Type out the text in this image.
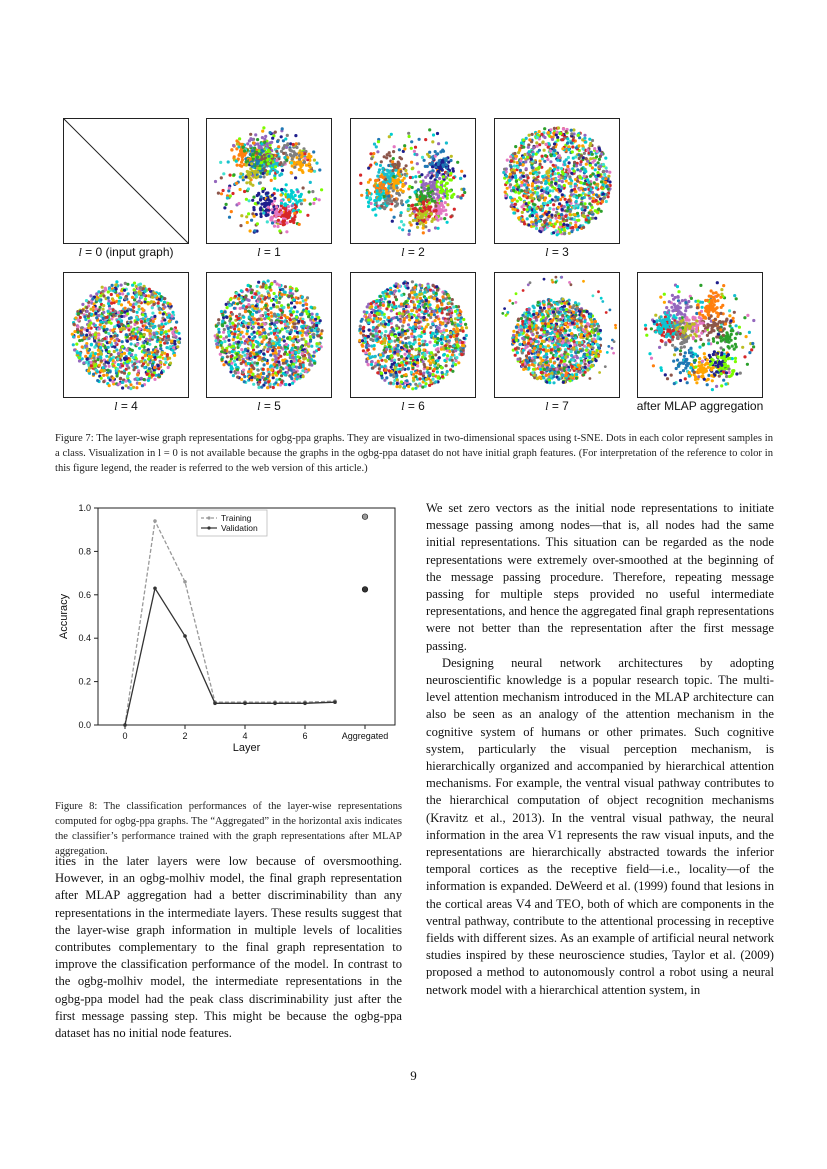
l = 0 (input graph)	l = 1	l = 2	l = 3
l = 4	l = 5	l = 6	l = 7	after MLAP aggregation
Figure 7: The layer-wise graph representations for ogbg-ppa graphs. They are visualized in two-dimensional spaces using t-SNE. Dots in each color represent samples in a class. Visualization in l = 0 is not available because the graphs in the ogbg-ppa dataset do not have initial graph features. (For interpretation of the reference to color in this figure legend, the reader is referred to the web version of this article.)
0.0
0.2
0.4
0.6
0.8
1.0
0	2	4	6	Aggregated
Layer
Accuracy
Training
Validation
Figure 8: The classification performances of the layer-wise representations computed for ogbg-ppa graphs. The “Aggregated” in the horizontal axis indicates the classifier’s performance trained with the graph representations after MLAP aggregation.

ities in the later layers were low because of oversmoothing. However, in an ogbg-molhiv model, the final graph representation after MLAP aggregation had a better discriminability than any representations in the intermediate layers. These results suggest that the layer-wise graph information in multiple levels of localities contributes complementary to the final graph representation to improve the classification performance of the model. In contrast to the ogbg-molhiv model, the intermediate representations in the ogbg-ppa model had the peak class discriminability just after the first message passing step. This might be because the ogbg-ppa dataset has no initial node features.

We set zero vectors as the initial node representations to initiate message passing among nodes—that is, all nodes had the same initial representations. This situation can be regarded as the node representations were extremely over-smoothed at the beginning of the message passing procedure. Therefore, repeating message passing for multiple steps provided no useful intermediate representations, and hence the aggregated final graph representations were not better than the representation after the first message passing.

Designing neural network architectures by adopting neuroscientific knowledge is a popular research topic. The multi-level attention mechanism introduced in the MLAP architecture can also be seen as an analogy of the attention mechanism in the cognitive system of humans or other primates. Such cognitive system, particularly the visual perception mechanism, is hierarchically organized and accompanied by hierarchical attention mechanisms. For example, the ventral visual pathway contributes to the hierarchical computation of object recognition mechanisms (Kravitz et al., 2013). In the ventral visual pathway, the neural information in the area V1 represents the raw visual inputs, and the representations are hierarchically abstracted towards the inferior temporal cortices as the receptive field—i.e., locality—of the information is expanded. DeWeerd et al. (1999) found that lesions in the cortical areas V4 and TEO, both of which are components in the ventral pathway, contribute to the attentional processing in receptive fields with different sizes. As an example of artificial neural network studies inspired by these neuroscience studies, Taylor et al. (2009) proposed a method to autonomously control a robot using a neural network model with a hierarchical attention system, in

9
